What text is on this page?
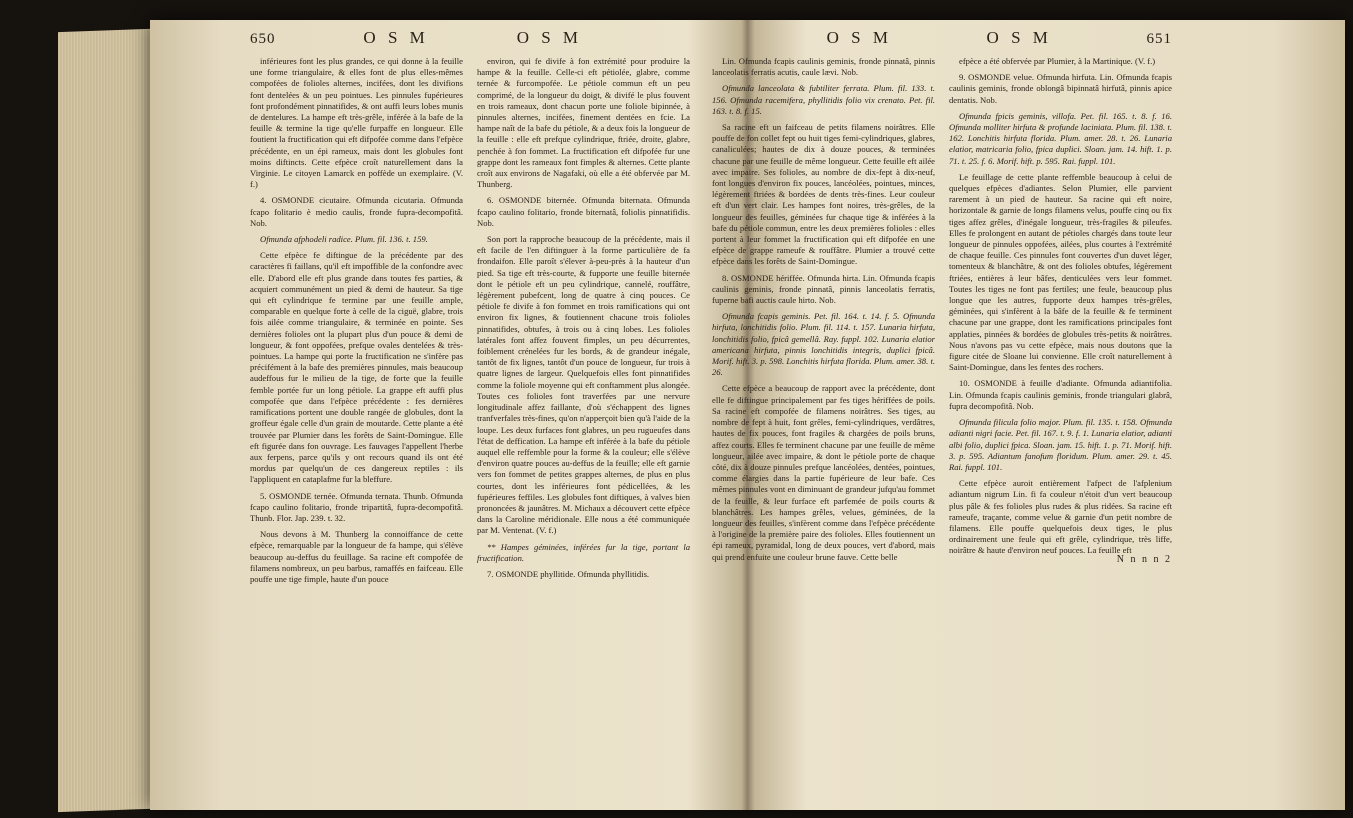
650	O S M	O S M

inférieures font les plus grandes, ce qui donne à la feuille une forme triangulaire, & elles font de plus elles-mêmes compofées de folioles alternes, incifées, dont les divifions font dentelées & un peu pointues. Les pinnules fupérieures font profondément pinnatifides, & ont auffi leurs lobes munis de dentelures. La hampe eft très-grêle, inférée à la bafe de la feuille & termine la tige qu'elle furpaffe en longueur. Elle foutient la fructification qui eft difpofée comme dans l'efpèce précédente, en un épi rameux, mais dont les globules font moins diftincts. Cette efpèce croît naturellement dans la Virginie. Le citoyen Lamarck en poffède un exemplaire. (V. f.)

4. OSMONDE cicutaire. Ofmunda cicutaria. Ofmunda fcapo folitario è medio caulis, fronde fupra-decompofitâ. Nob.

Ofmunda afphodeli radice. Plum. fil. 136. t. 159.

Cette efpèce fe diftingue de la précédente par des caractères fi faillans, qu'il eft impoffible de la confondre avec elle. D'abord elle eft plus grande dans toutes fes parties, & acquiert communément un pied & demi de hauteur. Sa tige qui eft cylindrique fe termine par une feuille ample, comparable en quelque forte à celle de la ciguë, glabre, trois fois ailée comme triangulaire, & terminée en pointe. Ses dernières folioles ont la plupart plus d'un pouce & demi de longueur, & font oppofées, prefque ovales dentelées & très-pointues. La hampe qui porte la fructification ne s'infère pas précifément à la bafe des premières pinnules, mais beaucoup audeffous fur le milieu de la tige, de forte que la feuille femble portée fur un long pétiole. La grappe eft auffi plus compofée que dans l'efpèce précédente : fes dernières ramifications portent une double rangée de globules, dont la groffeur égale celle d'un grain de moutarde. Cette plante a été trouvée par Plumier dans les forêts de Saint-Domingue. Elle eft figurée dans fon ouvrage. Les fauvages l'appellent l'herbe aux ferpens, parce qu'ils y ont recours quand ils ont été mordus par quelqu'un de ces dangereux reptiles : ils l'appliquent en cataplafme fur la bleffure.

5. OSMONDE ternée. Ofmunda ternata. Thunb. Ofmunda fcapo caulino folitario, fronde tripartitâ, fupra-decompofitâ. Thunb. Flor. Jap. 239. t. 32.

Nous devons à M. Thunberg la connoiffance de cette efpèce, remarquable par la longueur de fa hampe, qui s'élève beaucoup au-deffus du feuillage. Sa racine eft compofée de filamens nombreux, un peu barbus, ramaffés en faifceau. Elle pouffe une tige fimple, haute d'un pouce

environ, qui fe divife à fon extrémité pour produire la hampe & la feuille. Celle-ci eft pétiolée, glabre, comme ternée & furcompofée. Le pétiole commun eft un peu comprimé, de la longueur du doigt, & divifé le plus fouvent en trois rameaux, dont chacun porte une foliole bipinnée, à pinnules alternes, incifées, finement dentées en fcie. La hampe naît de la bafe du pétiole, & a deux fois la longueur de la feuille : elle eft prefque cylindrique, ftriée, droite, glabre, penchée à fon fommet. La fructification eft difpofée fur une grappe dont les rameaux font fimples & alternes. Cette plante croît aux environs de Nagafaki, où elle a été obfervée par M. Thunberg.

6. OSMONDE biternée. Ofmunda biternata. Ofmunda fcapo caulino folitario, fronde biternatâ, foliolis pinnatifidis. Nob.

Son port la rapproche beaucoup de la précédente, mais il eft facile de l'en diftinguer à la forme particulière de fa frondaifon. Elle paroît s'élever à-peu-près à la hauteur d'un pied. Sa tige eft très-courte, & fupporte une feuille biternée dont le pétiole eft un peu cylindrique, cannelé, rouffâtre, légèrement pubefcent, long de quatre à cinq pouces. Ce pétiole fe divife à fon fommet en trois ramifications qui ont environ fix lignes, & foutiennent chacune trois folioles pinnatifides, obtufes, à trois ou à cinq lobes. Les folioles latérales font affez fouvent fimples, un peu décurrentes, foiblement crénelées fur les bords, & de grandeur inégale, tantôt de fix lignes, tantôt d'un pouce de longueur, fur trois à quatre lignes de largeur. Quelquefois elles font pinnatifides comme la foliole moyenne qui eft conftamment plus alongée. Toutes ces folioles font traverfées par une nervure longitudinale affez faillante, d'où s'échappent des lignes tranfverfales très-fines, qu'on n'apperçoit bien qu'à l'aide de la loupe. Les deux furfaces font glabres, un peu rugueufes dans l'état de deffication. La hampe eft inférée à la bafe du pétiole auquel elle reffemble pour la forme & la couleur; elle s'élève d'environ quatre pouces au-deffus de la feuille; elle eft garnie vers fon fommet de petites grappes alternes, de plus en plus courtes, dont les inférieures font pédicellées, & les fupérieures feffiles. Les globules font diftiques, à valves bien prononcées & jaunâtres. M. Michaux a découvert cette efpèce dans la Caroline méridionale. Elle nous a été communiquée par M. Ventenat. (V. f.)

** Hampes géminées, inférées fur la tige, portant la fructification.

7. OSMONDE phyllitide. Ofmunda phyllitidis.

O S M	O S M	651

Lin. Ofmunda fcapis caulinis geminis, fronde pinnatâ, pinnis lanceolatis ferratis acutis, caule lævi. Nob.

Ofmunda lanceolata & fubtiliter ferrata. Plum. fil. 133. t. 156. Ofmunda racemifera, phyllitidis folio vix crenato. Pet. fil. 163. t. 8. f. 15.

Sa racine eft un faifceau de petits filamens noirâtres. Elle pouffe de fon collet fept ou huit tiges femi-cylindriques, glabres, canaliculées; hautes de dix à douze pouces, & terminées chacune par une feuille de même longueur. Cette feuille eft ailée avec impaire. Ses folioles, au nombre de dix-fept à dix-neuf, font longues d'environ fix pouces, lancéolées, pointues, minces, légèrement ftriées & bordées de dents très-fines. Leur couleur eft d'un vert clair. Les hampes font noires, très-grêles, de la longueur des feuilles, géminées fur chaque tige & inférées à la bafe du pétiole commun, entre les deux premières folioles : elles portent à leur fommet la fructification qui eft difpofée en une efpèce de grappe rameufe & rouffâtre. Plumier a trouvé cette efpèce dans les forêts de Saint-Domingue.

8. OSMONDE hériffée. Ofmunda hirta. Lin. Ofmunda fcapis caulinis geminis, fronde pinnatâ, pinnis lanceolatis ferratis, fuperne bafi auctis caule hirto. Nob.

Ofmunda fcapis geminis. Pet. fil. 164. t. 14. f. 5. Ofmunda hirfuta, lonchitidis folio. Plum. fil. 114. t. 157. Lunaria hirfuta, lonchitidis folio, fpicâ gemellâ. Ray. fuppl. 102. Lunaria elatior americana hirfuta, pinnis lonchitidis integris, duplici fpicâ. Morif. hift. 3. p. 598. Lonchitis hirfuta florida. Plum. amer. 38. t. 26.

Cette efpèce a beaucoup de rapport avec la précédente, dont elle fe diftingue principalement par fes tiges hériffées de poils. Sa racine eft compofée de filamens noirâtres. Ses tiges, au nombre de fept à huit, font grêles, femi-cylindriques, verdâtres, hautes de fix pouces, font fragiles & chargées de poils bruns, affez courts. Elles fe terminent chacune par une feuille de même longueur, ailée avec impaire, & dont le pétiole porte de chaque côté, dix à douze pinnules prefque lancéolées, dentées, pointues, comme élargies dans la partie fupérieure de leur bafe. Ces mêmes pinnules vont en diminuant de grandeur jufqu'au fommet de la feuille, & leur furface eft parfemée de poils courts & blanchâtres. Les hampes grêles, velues, géminées, de la longueur des feuilles, s'infèrent comme dans l'efpèce précédente à l'origine de la première paire des folioles. Elles foutiennent un épi rameux, pyramidal, long de deux pouces, vert d'abord, mais qui prend enfuite une couleur brune fauve. Cette belle

efpèce a été obfervée par Plumier, à la Martinique. (V. f.)

9. OSMONDE velue. Ofmunda hirfuta. Lin. Ofmunda fcapis caulinis geminis, fronde oblongâ bipinnatâ hirfutâ, pinnis apice dentatis. Nob.

Ofmunda fpicis geminis, villofa. Pet. fil. 165. t. 8. f. 16. Ofmunda molliter hirfuta & profunde laciniata. Plum. fil. 138. t. 162. Lonchitis hirfuta florida. Plum. amer. 28. t. 26. Lunaria elatior, matricaria folio, fpica duplici. Sloan. jam. 14. hift. 1. p. 71. t. 25. f. 6. Morif. hift. p. 595. Rai. fuppl. 101.

Le feuillage de cette plante reffemble beaucoup à celui de quelques efpèces d'adiantes. Selon Plumier, elle parvient rarement à un pied de hauteur. Sa racine qui eft noire, horizontale & garnie de longs filamens velus, pouffe cinq ou fix tiges affez grêles, d'inégale longueur, très-fragiles & pileufes. Elles fe prolongent en autant de pétioles chargés dans toute leur longueur de pinnules oppofées, ailées, plus courtes à l'extrémité de chaque feuille. Ces pinnules font couvertes d'un duvet léger, tomenteux & blanchâtre, & ont des folioles obtufes, légèrement ftriées, entières à leur bâfes, denticulées vers leur fommet. Toutes les tiges ne font pas fertiles; une feule, beaucoup plus longue que les autres, fupporte deux hampes très-grêles, géminées, qui s'infèrent à la bâfe de la feuille & fe terminent chacune par une grappe, dont les ramifications principales font applaties, pinnées & bordées de globules très-petits & noirâtres. Nous n'avons pas vu cette efpèce, mais nous doutons que la figure citée de Sloane lui convienne. Elle croît naturellement à Saint-Domingue, dans les fentes des rochers.

10. OSMONDE à feuille d'adiante. Ofmunda adiantifolia. Lin. Ofmunda fcapis caulinis geminis, fronde triangulari glabrâ, fupra decompofitâ. Nob.

Ofmunda filicula folio major. Plum. fil. 135. t. 158. Ofmunda adianti nigri facie. Pet. fil. 167. t. 9. f. 1. Lunaria elatior, adianti albi folio, duplici fpica. Sloan. jam. 15. hift. 1. p. 71. Morif. hift. 3. p. 595. Adiantum fanofum floridum. Plum. amer. 29. t. 45. Rai. fuppl. 101.

Cette efpèce auroit entièrement l'afpect de l'afplenium adiantum nigrum Lin. fi fa couleur n'étoit d'un vert beaucoup plus pâle & fes folioles plus rudes & plus ridées. Sa racine eft rameufe, traçante, comme velue & garnie d'un petit nombre de filamens. Elle pouffe quelquefois deux tiges, le plus ordinairement une feule qui eft grêle, cylindrique, très liffe, noirâtre & haute d'environ neuf pouces. La feuille eft

N n n n 2
